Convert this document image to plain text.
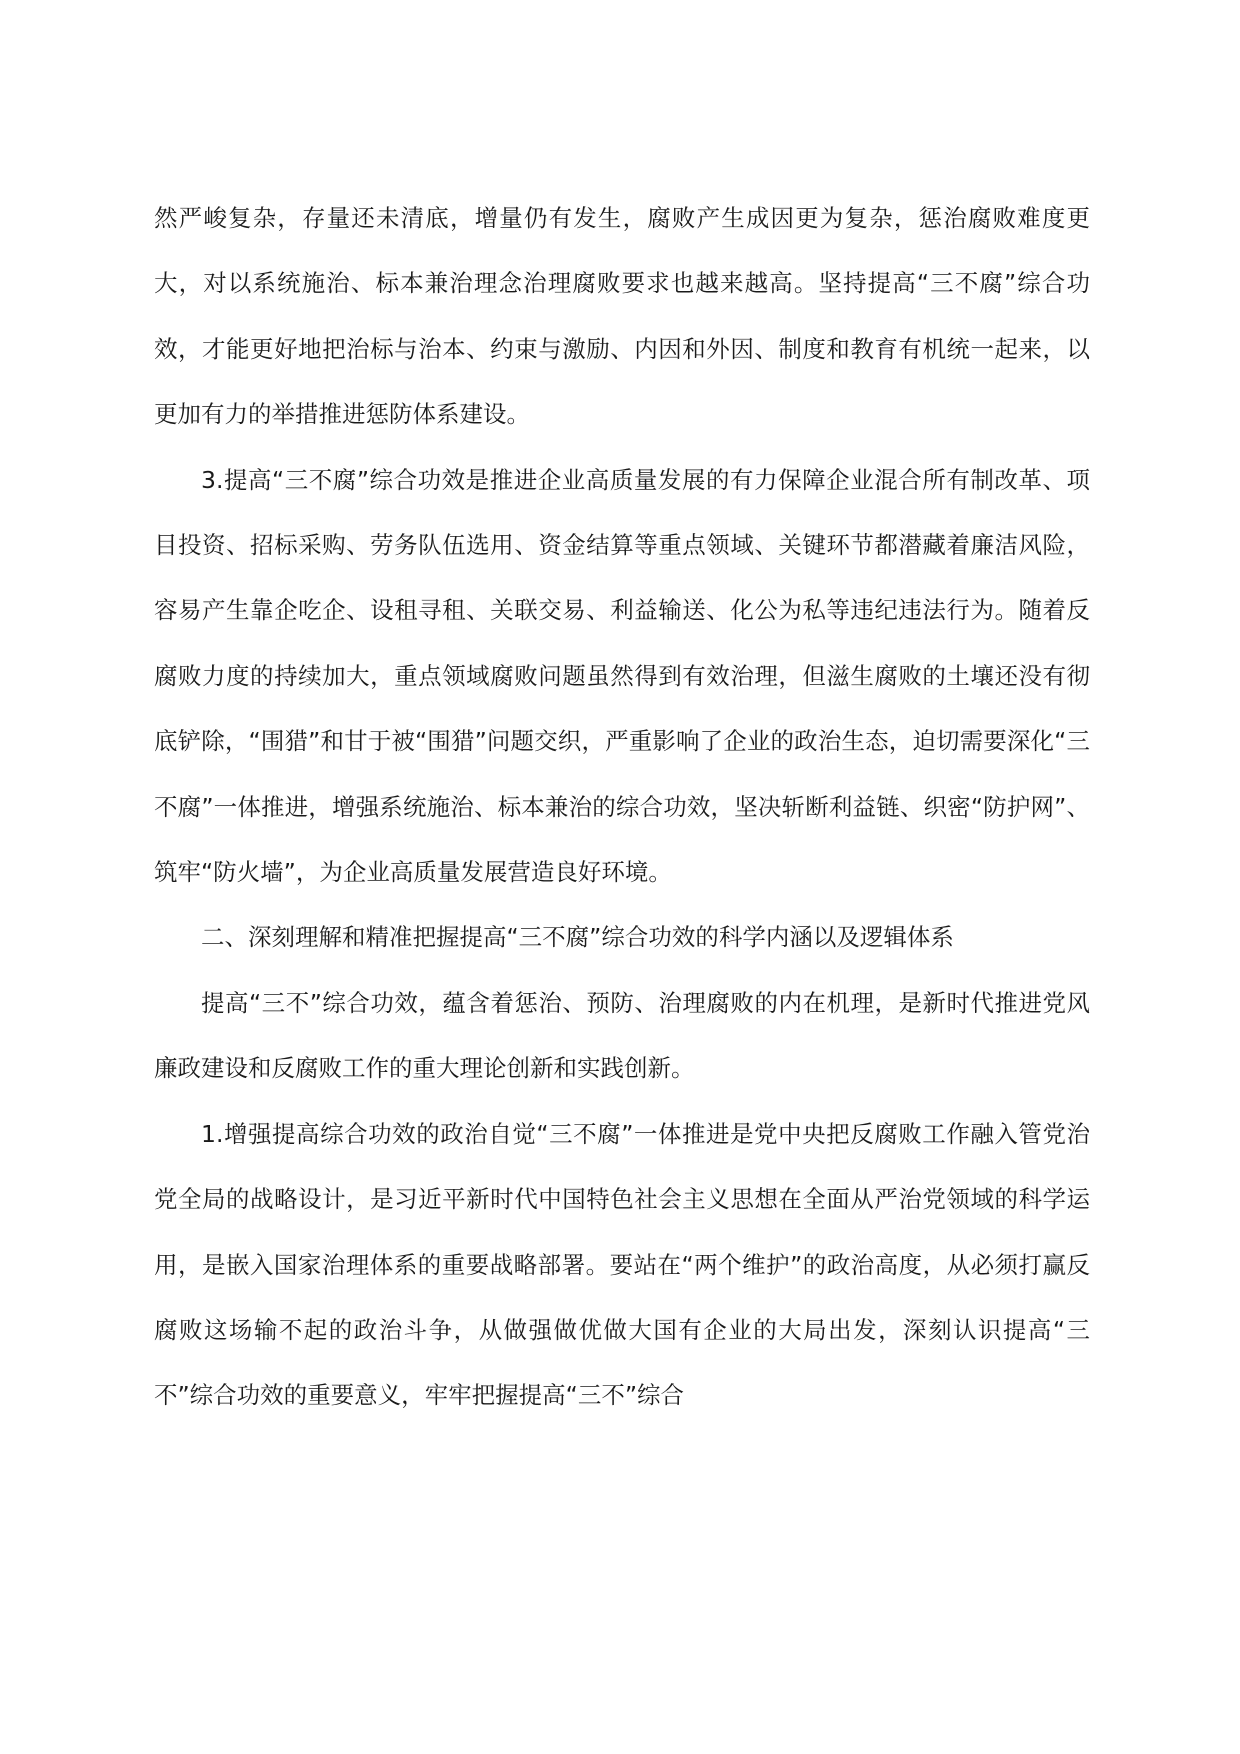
然严峻复杂，存量还未清底，增量仍有发生，腐败产生成因更为复杂，惩治腐败难度更大，对以系统施治、标本兼治理念治理腐败要求也越来越高。坚持提高“三不腐”综合功效，才能更好地把治标与治本、约束与激励、内因和外因、制度和教育有机统一起来，以更加有力的举措推进惩防体系建设。

3.提高“三不腐”综合功效是推进企业高质量发展的有力保障企业混合所有制改革、项目投资、招标采购、劳务队伍选用、资金结算等重点领域、关键环节都潜藏着廉洁风险，容易产生靠企吃企、设租寻租、关联交易、利益输送、化公为私等违纪违法行为。随着反腐败力度的持续加大，重点领域腐败问题虽然得到有效治理，但滋生腐败的土壤还没有彻底铲除，“围猎”和甘于被“围猎”问题交织，严重影响了企业的政治生态，迫切需要深化“三不腐”一体推进，增强系统施治、标本兼治的综合功效，坚决斩断利益链、织密“防护网”、筑牢“防火墙”，为企业高质量发展营造良好环境。

二、深刻理解和精准把握提高“三不腐”综合功效的科学内涵以及逻辑体系

提高“三不”综合功效，蕴含着惩治、预防、治理腐败的内在机理，是新时代推进党风廉政建设和反腐败工作的重大理论创新和实践创新。

1.增强提高综合功效的政治自觉“三不腐”一体推进是党中央把反腐败工作融入管党治党全局的战略设计，是习近平新时代中国特色社会主义思想在全面从严治党领域的科学运用，是嵌入国家治理体系的重要战略部署。要站在“两个维护”的政治高度，从必须打赢反腐败这场输不起的政治斗争，从做强做优做大国有企业的大局出发，深刻认识提高“三不”综合功效的重要意义，牢牢把握提高“三不”综合
